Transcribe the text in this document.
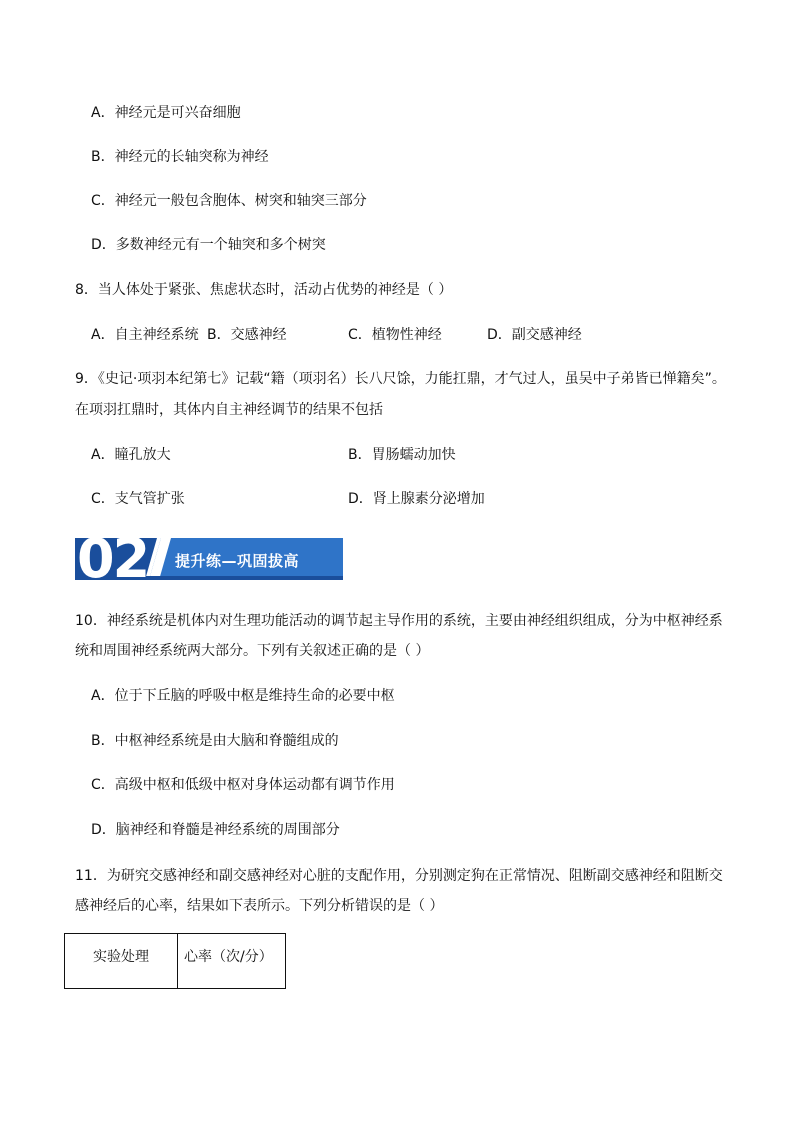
A．神经元是可兴奋细胞
B．神经元的长轴突称为神经
C．神经元一般包含胞体、树突和轴突三部分
D．多数神经元有一个轴突和多个树突
8．当人体处于紧张、焦虑状态时，活动占优势的神经是（ ）
A．自主神经系统 B．交感神经	C．植物性神经	D．副交感神经
9．《史记·项羽本纪第七》记载“籍（项羽名）长八尺馀，力能扛鼎，才气过人，虽吴中子弟皆已惮籍矣”。
在项羽扛鼎时，其体内自主神经调节的结果不包括
A．瞳孔放大	B．胃肠蠕动加快
C．支气管扩张	D．肾上腺素分泌增加
02 提升练—巩固拔高
10．神经系统是机体内对生理功能活动的调节起主导作用的系统，主要由神经组织组成，分为中枢神经系
统和周围神经系统两大部分。下列有关叙述正确的是（ ）
A．位于下丘脑的呼吸中枢是维持生命的必要中枢
B．中枢神经系统是由大脑和脊髓组成的
C．高级中枢和低级中枢对身体运动都有调节作用
D．脑神经和脊髓是神经系统的周围部分
11．为研究交感神经和副交感神经对心脏的支配作用，分别测定狗在正常情况、阻断副交感神经和阻断交
感神经后的心率，结果如下表所示。下列分析错误的是（ ）
实验处理	心率（次/分）
